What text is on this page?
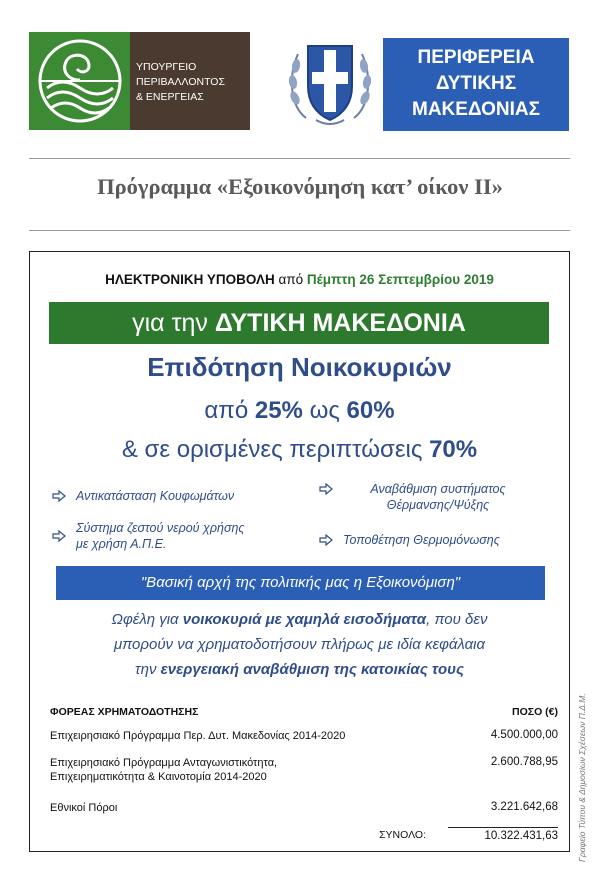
ΥΠΟΥΡΓΕΙΟ
ΠΕΡΙΒΑΛΛΟΝΤΟΣ
& ΕΝΕΡΓΕΙΑΣ
ΠΕΡΙΦΕΡΕΙΑ
ΔΥΤΙΚΗΣ
ΜΑΚΕΔΟΝΙΑΣ
Πρόγραμμα «Εξοικονόμηση κατ’ οίκον ΙΙ»
ΗΛΕΚΤΡΟΝΙΚΗ ΥΠΟΒΟΛΗ από Πέμπτη 26 Σεπτεμβρίου 2019
για την ΔΥΤΙΚΗ ΜΑΚΕΔΟΝΙΑ
Επιδότηση Νοικοκυριών
από 25% ως 60%
& σε ορισμένες περιπτώσεις 70%
Αντικατάσταση Κουφωμάτων	Αναβάθμιση συστήματος Θέρμανσης/Ψύξης
Σύστημα ζεστού νερού χρήσης με χρήση Α.Π.Ε.	Τοποθέτηση Θερμομόνωσης
"Βασική αρχή της πολιτικής μας η Εξοικονόμιση"
Ωφέλη για νοικοκυριά με χαμηλά εισοδήματα, που δεν
μπορούν να χρηματοδοτήσουν πλήρως με ιδία κεφάλαια
την ενεργειακή αναβάθμιση της κατοικίας τους
ΦΟΡΕΑΣ ΧΡΗΜΑΤΟΔΟΤΗΣΗΣ	ΠΟΣΟ (€)
Επιχειρησιακό Πρόγραμμα Περ. Δυτ. Μακεδονίας 2014-2020	4.500.000,00
Επιχειρησιακό Πρόγραμμα Ανταγωνιστικότητα,
Επιχειρηματικότητα & Καινοτομία 2014-2020
2.600.788,95
Εθνικοί Πόροι	3.221.642,68
ΣΥΝΟΛΟ:	10.322.431,63 Γραφείο Τύπου & Δημοσίων Σχέσεων Π.Δ.Μ.
